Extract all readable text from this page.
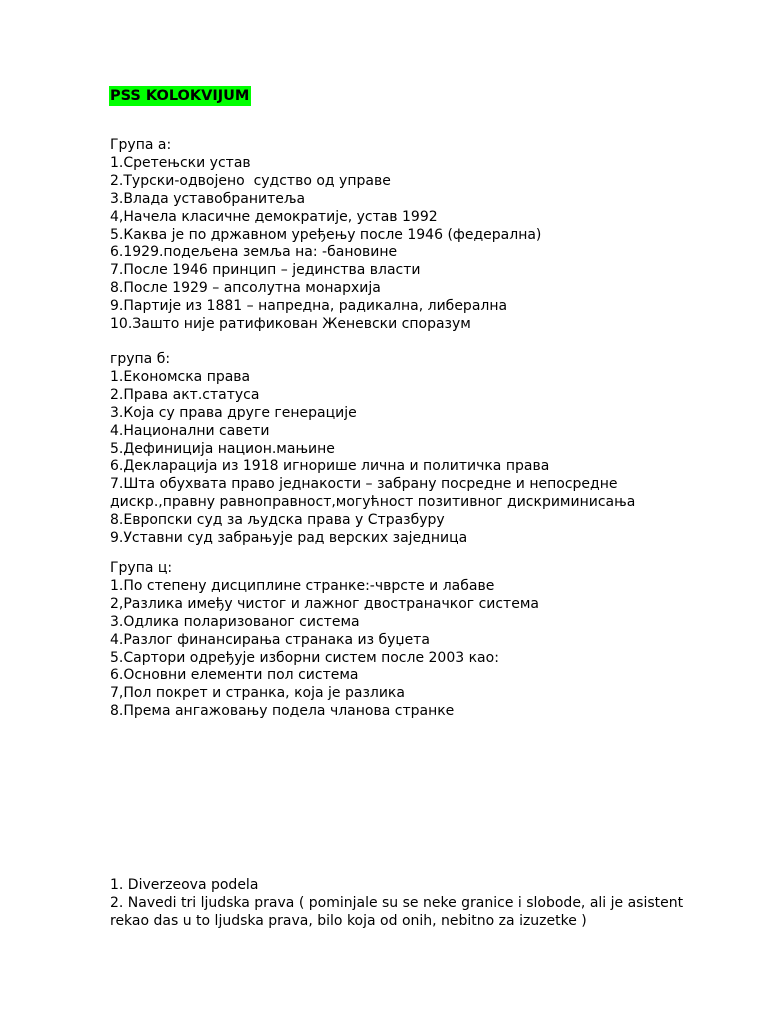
PSS KOLOKVIJUM
Група а:
1.Сретењски устав
2.Турски-одвојено  судство од управе
3.Влада уставобранитеља
4,Начела класичне демократије, устав 1992
5.Каква је по државном уређењу после 1946 (федерална)
6.1929.подељена земља на: -бановине
7.После 1946 принцип – јединства власти
8.После 1929 – апсолутна монархија
9.Партије из 1881 – напредна, радикална, либерална
10.Зашто није ратификован Женевски споразум
група б:
1.Економска права
2.Права акт.статуса
3.Која су права друге генерације
4.Национални савети
5.Дефиниција национ.мањине
6.Декларација из 1918 игнорише лична и политичка права
7.Шта обухвата право једнакости – забрану посредне и непосредне
дискр.,правну равноправност,могућност позитивног дискриминисања
8.Европски суд за људска права у Стразбуру
9.Уставни суд забрањује рад верских заједница
Група ц:
1.По степену дисциплине странке:-чврсте и лабаве
2,Разлика имеђу чистог и лажног двостраначког система
3.Одлика поларизованог система
4.Разлог финансирања странака из буџета
5.Сартори одређује изборни систем после 2003 као:
6.Основни елементи пол система
7,Пол покрет и странка, која је разлика
8.Према ангажовању подела чланова странке
1. Diverzeova podela
2. Navedi tri ljudska prava ( pominjale su se neke granice i slobode, ali je asistent
rekao das u to ljudska prava, bilo koja od onih, nebitno za izuzetke )
